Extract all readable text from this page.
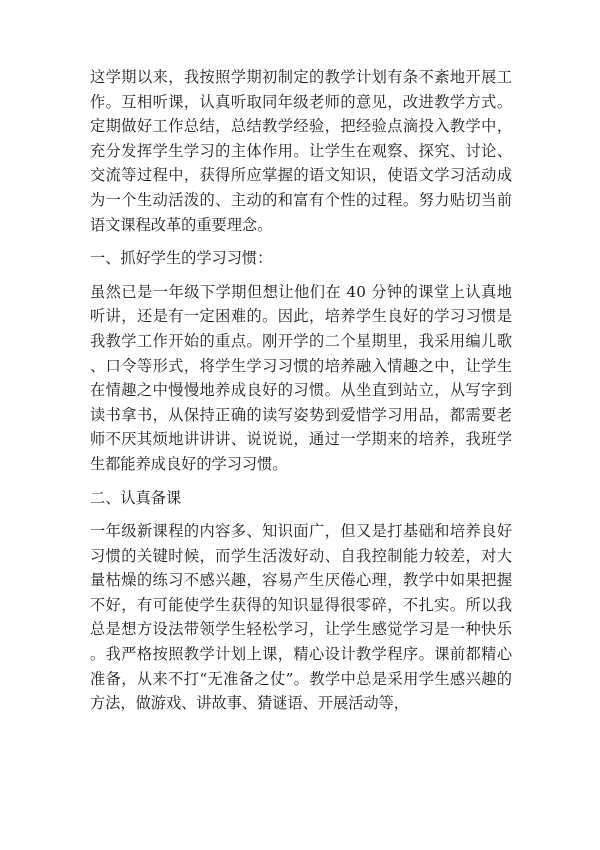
这学期以来，我按照学期初制定的教学计划有条不紊地开展工作。互相听课，认真听取同年级老师的意见，改进教学方式。定期做好工作总结，总结教学经验，把经验点滴投入教学中，充分发挥学生学习的主体作用。让学生在观察、探究、讨论、交流等过程中，获得所应掌握的语文知识，使语文学习活动成为一个生动活泼的、主动的和富有个性的过程。努力贴切当前语文课程改革的重要理念。

一、抓好学生的学习习惯：

虽然已是一年级下学期但想让他们在 40 分钟的课堂上认真地听讲，还是有一定困难的。因此，培养学生良好的学习习惯是我教学工作开始的重点。刚开学的二个星期里，我采用编儿歌、口令等形式，将学生学习习惯的培养融入情趣之中，让学生在情趣之中慢慢地养成良好的习惯。从坐直到站立，从写字到读书拿书，从保持正确的读写姿势到爱惜学习用品，都需要老师不厌其烦地讲讲讲、说说说，通过一学期来的培养，我班学生都能养成良好的学习习惯。

二、认真备课

一年级新课程的内容多、知识面广，但又是打基础和培养良好习惯的关键时候，而学生活泼好动、自我控制能力较差，对大量枯燥的练习不感兴趣，容易产生厌倦心理，教学中如果把握不好，有可能使学生获得的知识显得很零碎，不扎实。所以我总是想方设法带领学生轻松学习，让学生感觉学习是一种快乐。我严格按照教学计划上课，精心设计教学程序。课前都精心准备，从来不打“无准备之仗”。教学中总是采用学生感兴趣的方法，做游戏、讲故事、猜谜语、开展活动等，
